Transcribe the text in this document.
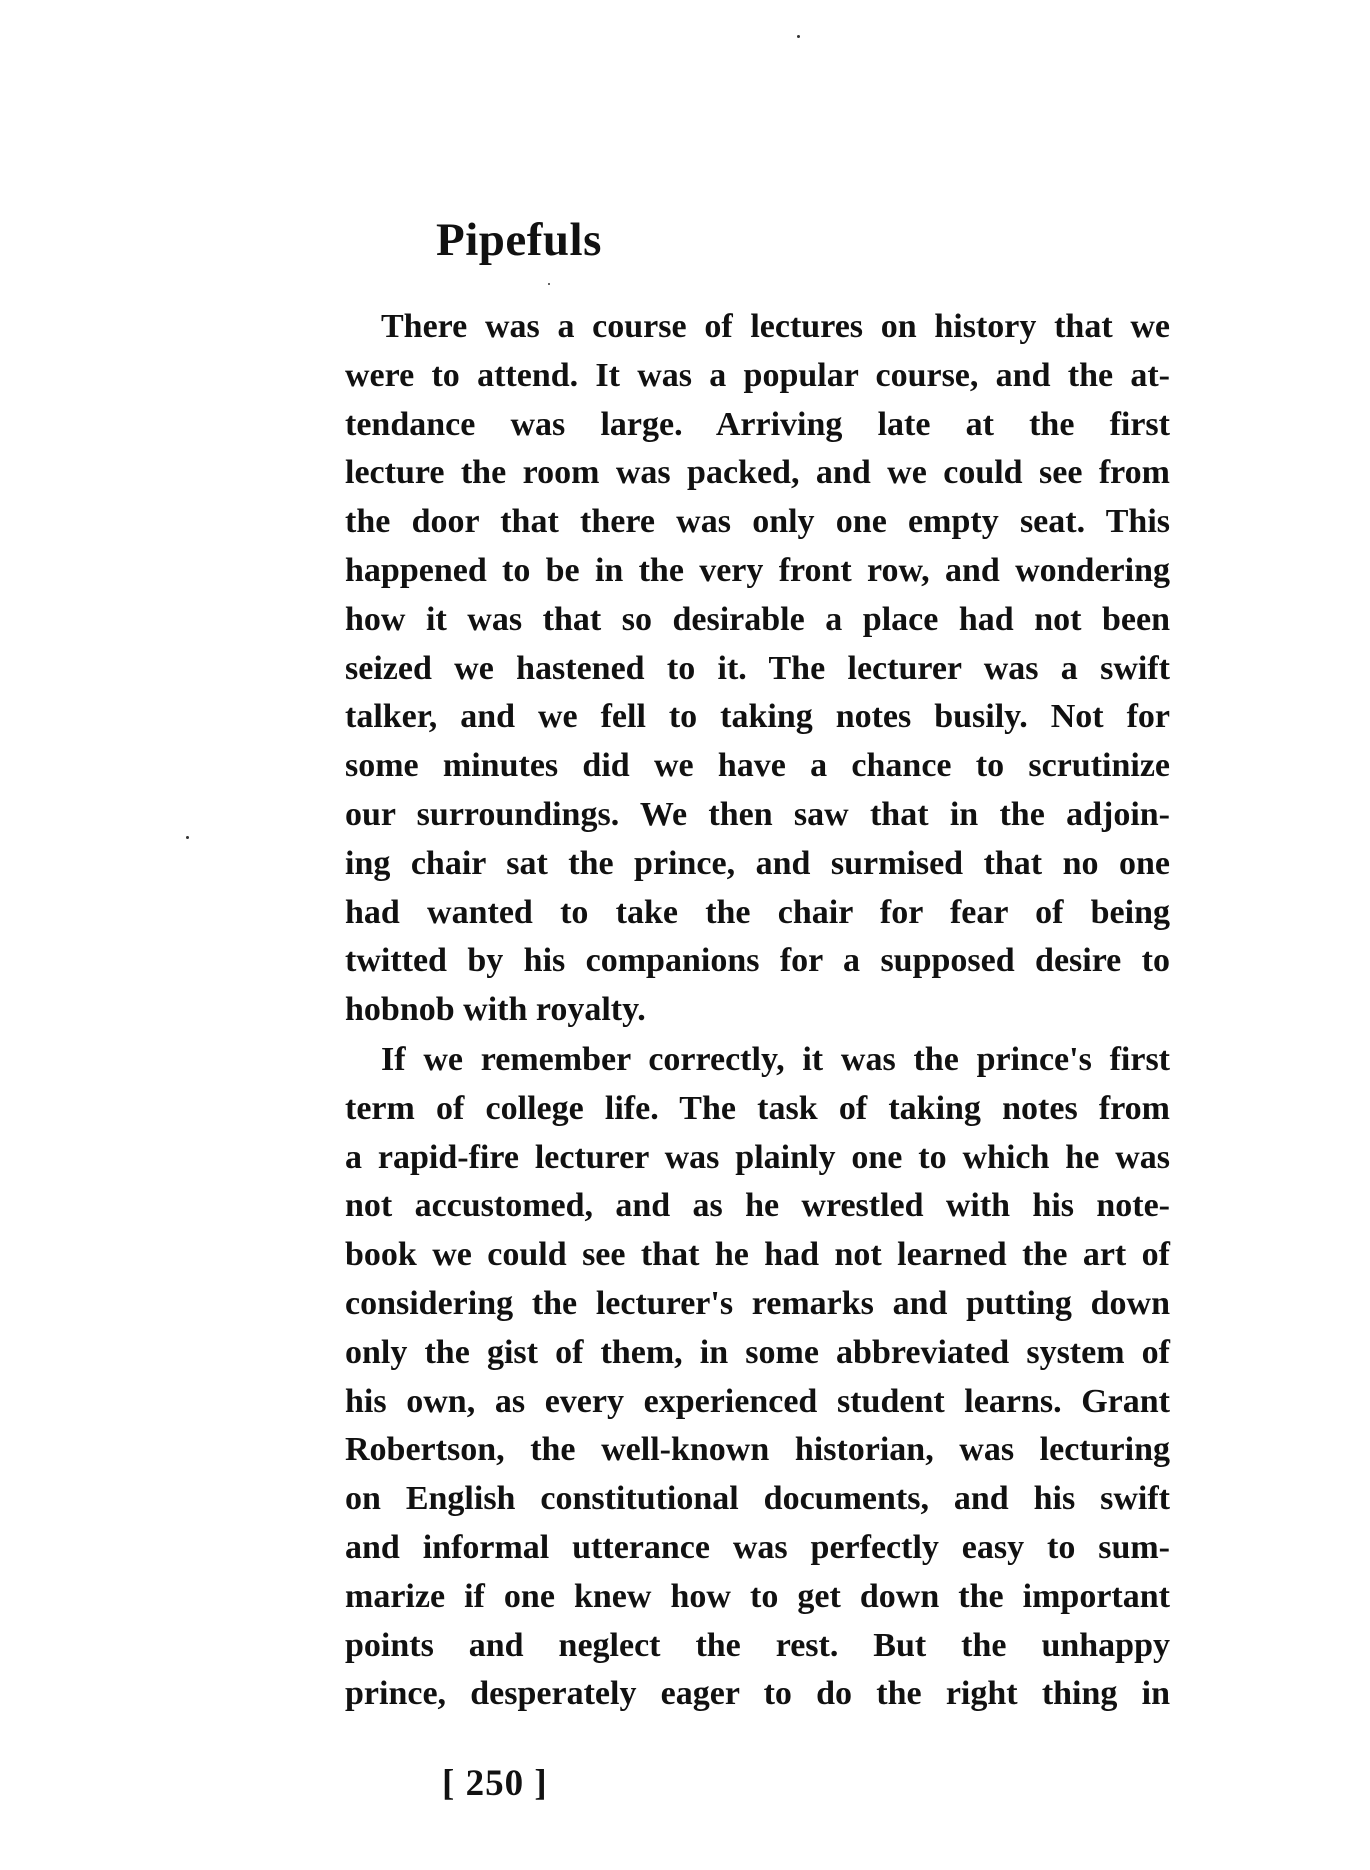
Pipefuls

There was a course of lectures on history that we
were to attend. It was a popular course, and the at-
tendance was large. Arriving late at the first
lecture the room was packed, and we could see from
the door that there was only one empty seat. This
happened to be in the very front row, and wondering
how it was that so desirable a place had not been
seized we hastened to it. The lecturer was a swift
talker, and we fell to taking notes busily. Not for
some minutes did we have a chance to scrutinize
our surroundings. We then saw that in the adjoin-
ing chair sat the prince, and surmised that no one
had wanted to take the chair for fear of being
twitted by his companions for a supposed desire to
hobnob with royalty.

If we remember correctly, it was the prince's first
term of college life. The task of taking notes from
a rapid-fire lecturer was plainly one to which he was
not accustomed, and as he wrestled with his note-
book we could see that he had not learned the art of
considering the lecturer's remarks and putting down
only the gist of them, in some abbreviated system of
his own, as every experienced student learns. Grant
Robertson, the well-known historian, was lecturing
on English constitutional documents, and his swift
and informal utterance was perfectly easy to sum-
marize if one knew how to get down the important
points and neglect the rest. But the unhappy
prince, desperately eager to do the right thing in

[ 250 ]
